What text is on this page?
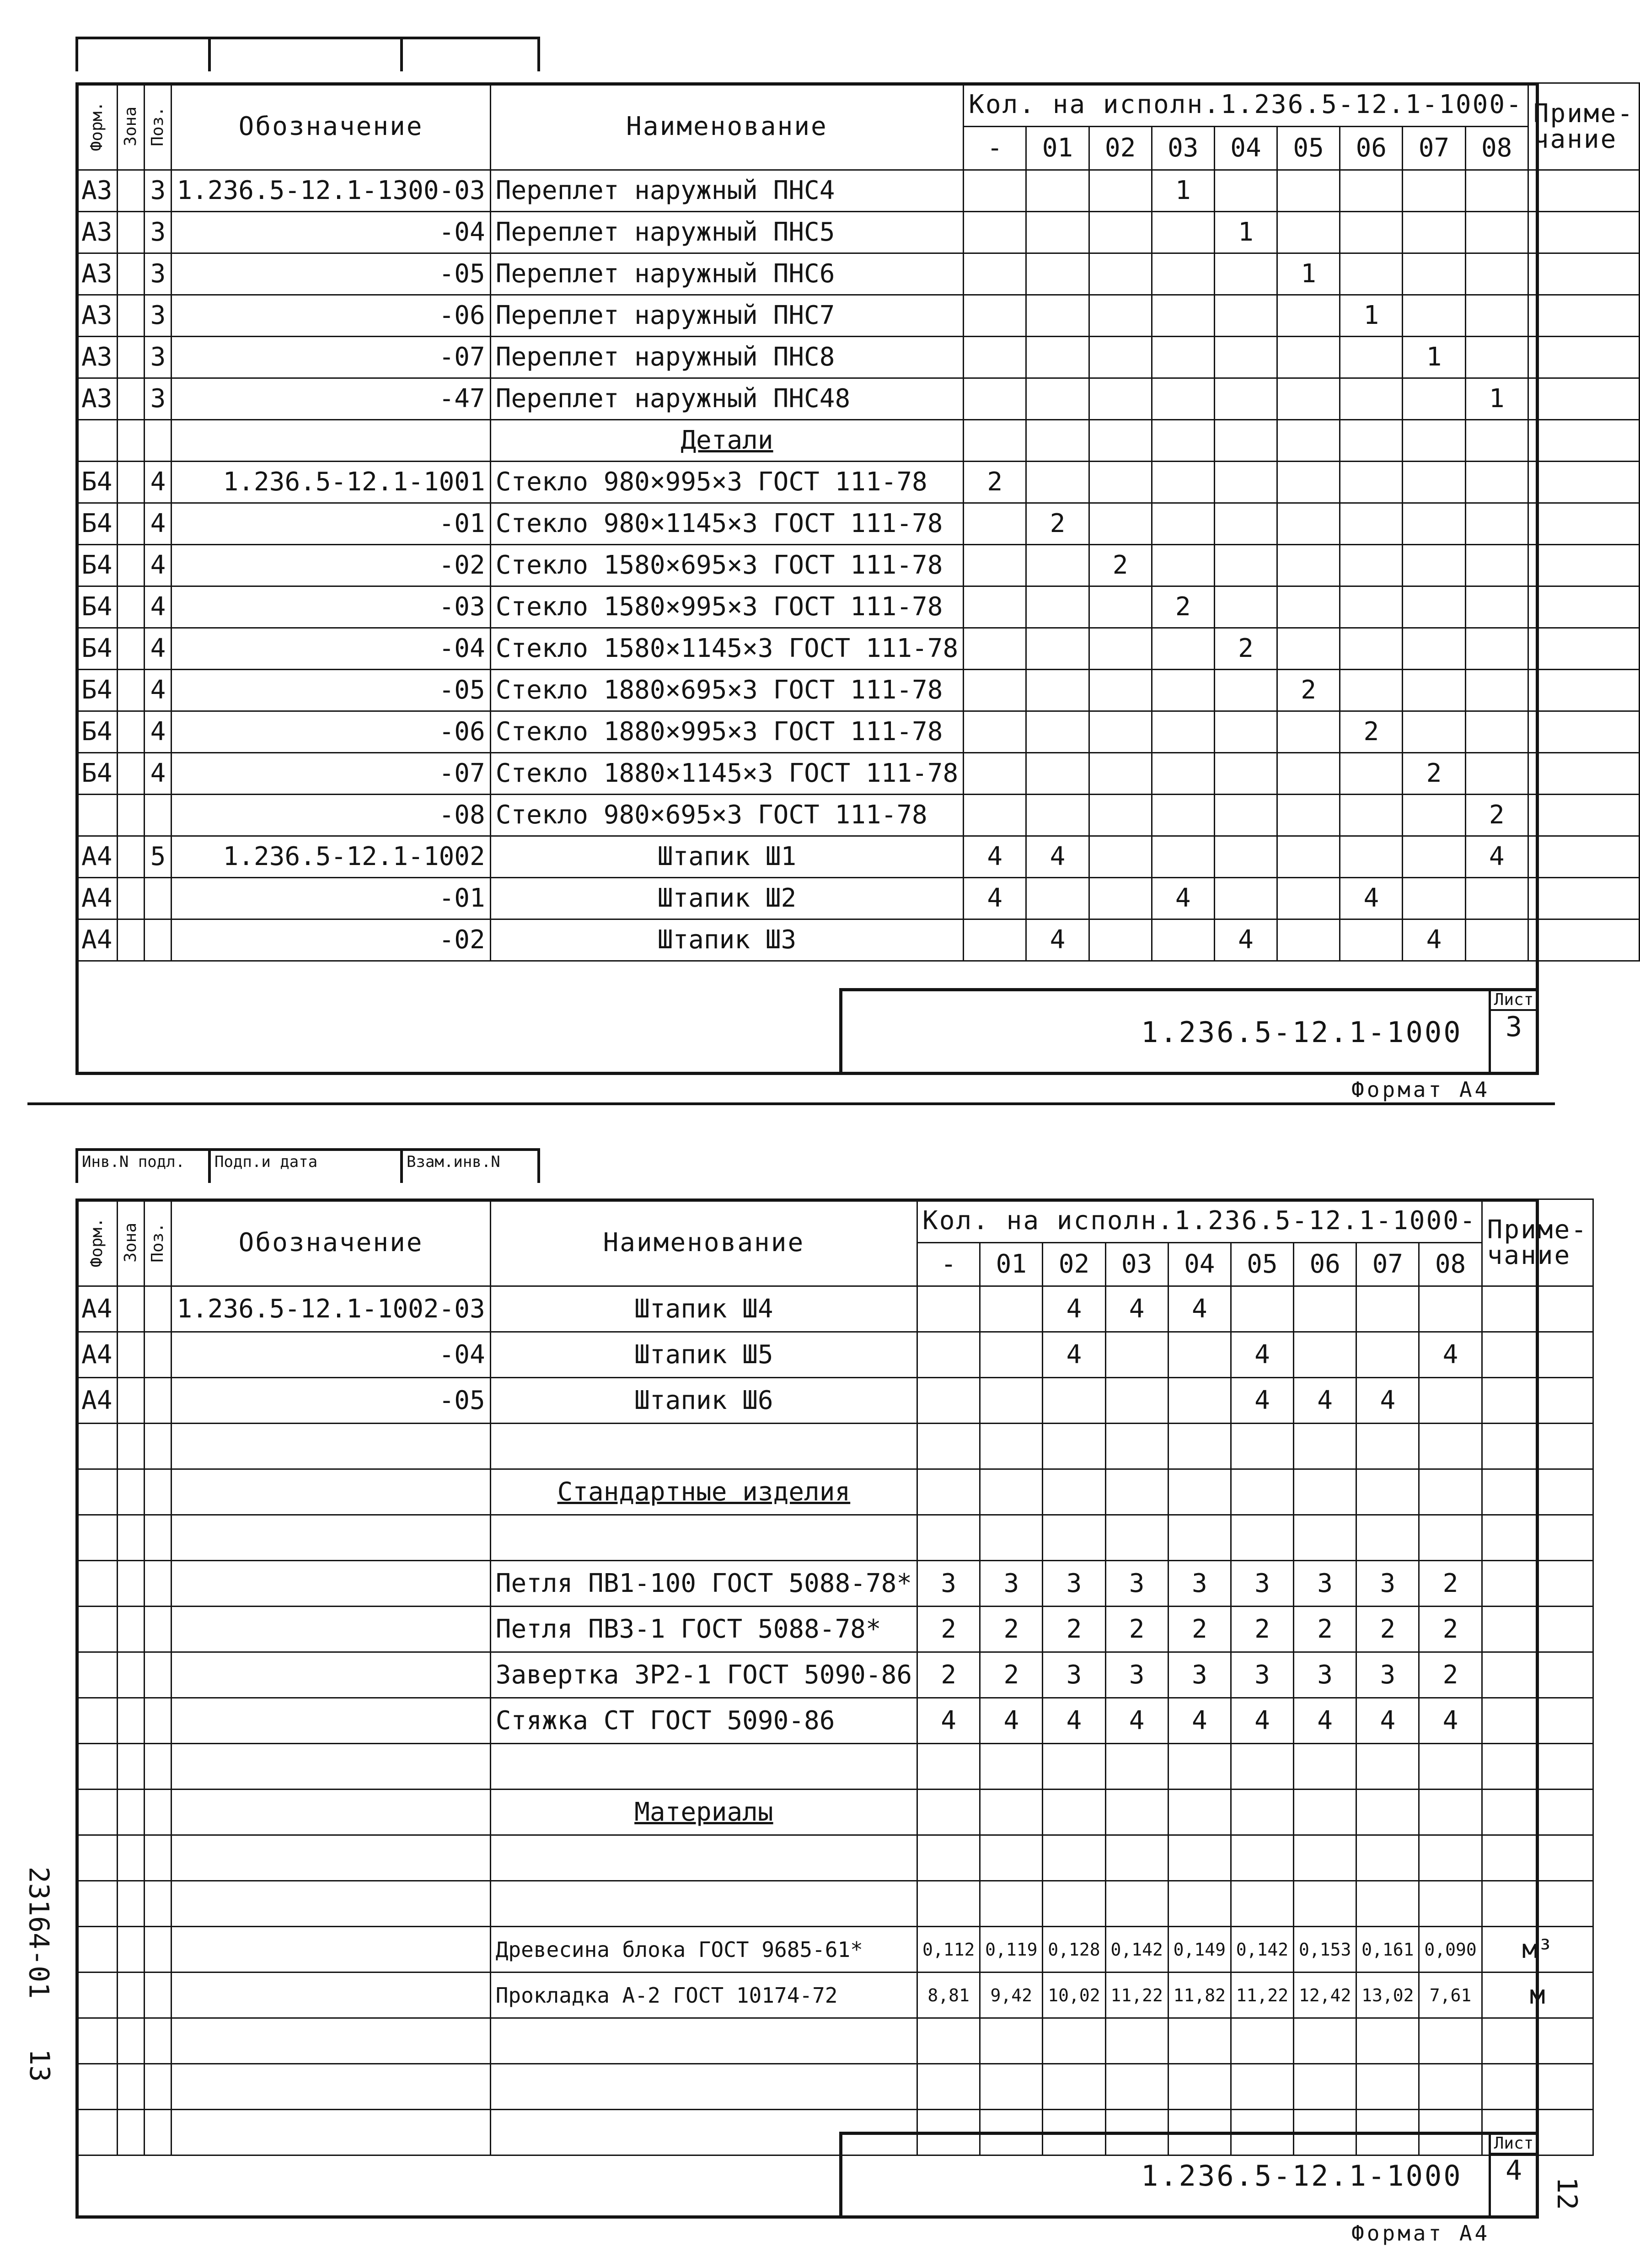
Форм.	Зона	Поз.	Обозначение	Наименование	Кол. на исполн.1.236.5-12.1-1000-									Приме-чание
					-	01	02	03	04	05	06	07	08	
А3		3	1.236.5-12.1-1300-03	Переплет наружный ПНС4				1						
А3		3	-04	Переплет наружный ПНС5					1					
А3		3	-05	Переплет наружный ПНС6						1				
А3		3	-06	Переплет наружный ПНС7							1			
А3		3	-07	Переплет наружный ПНС8								1		
А3		3	-47	Переплет наружный ПНС48									1	
				Детали										
Б4		4	1.236.5-12.1-1001	Стекло 980×995×3 ГОСТ 111-78	2									
Б4		4	-01	Стекло 980×1145×3 ГОСТ 111-78		2								
Б4		4	-02	Стекло 1580×695×3 ГОСТ 111-78			2							
Б4		4	-03	Стекло 1580×995×3 ГОСТ 111-78				2						
Б4		4	-04	Стекло 1580×1145×3 ГОСТ 111-78					2					
Б4		4	-05	Стекло 1880×695×3 ГОСТ 111-78						2				
Б4		4	-06	Стекло 1880×995×3 ГОСТ 111-78							2			
Б4		4	-07	Стекло 1880×1145×3 ГОСТ 111-78								2		
			-08	Стекло 980×695×3 ГОСТ 111-78									2	
А4		5	1.236.5-12.1-1002	Штапик Ш1	4	4							4	
А4			-01	Штапик Ш2	4			4			4			
А4			-02	Штапик Ш3		4			4			4		
1.236.5-12.1-1000
Лист
3
Формат А4
Инв.N подл.	Подп.и дата	Взам.инв.N
Форм.	Зона	Поз.	Обозначение	Наименование	Кол. на исполн.1.236.5-12.1-1000-									Приме-чание
					-	01	02	03	04	05	06	07	08	
А4			1.236.5-12.1-1002-03	Штапик Ш4			4	4	4					
А4			-04	Штапик Ш5			4			4			4	
А4			-05	Штапик Ш6						4	4	4		

				Стандартные изделия										

				Петля ПВ1-100 ГОСТ 5088-78*	3	3	3	3	3	3	3	3	2	
				Петля ПВ3-1 ГОСТ 5088-78*	2	2	2	2	2	2	2	2	2	
				Завертка ЗР2-1 ГОСТ 5090-86	2	2	3	3	3	3	3	3	2	
				Стяжка СТ ГОСТ 5090-86	4	4	4	4	4	4	4	4	4	

				Материалы										

				Древесина блока ГОСТ 9685-61*	0,112	0,119	0,128	0,142	0,149	0,142	0,153	0,161	0,090	м³
				Прокладка А-2 ГОСТ 10174-72	8,81	9,42	10,02	11,22	11,82	11,22	12,42	13,02	7,61	м

1.236.5-12.1-1000
Лист
4
Формат А4
23164-01
13
12
